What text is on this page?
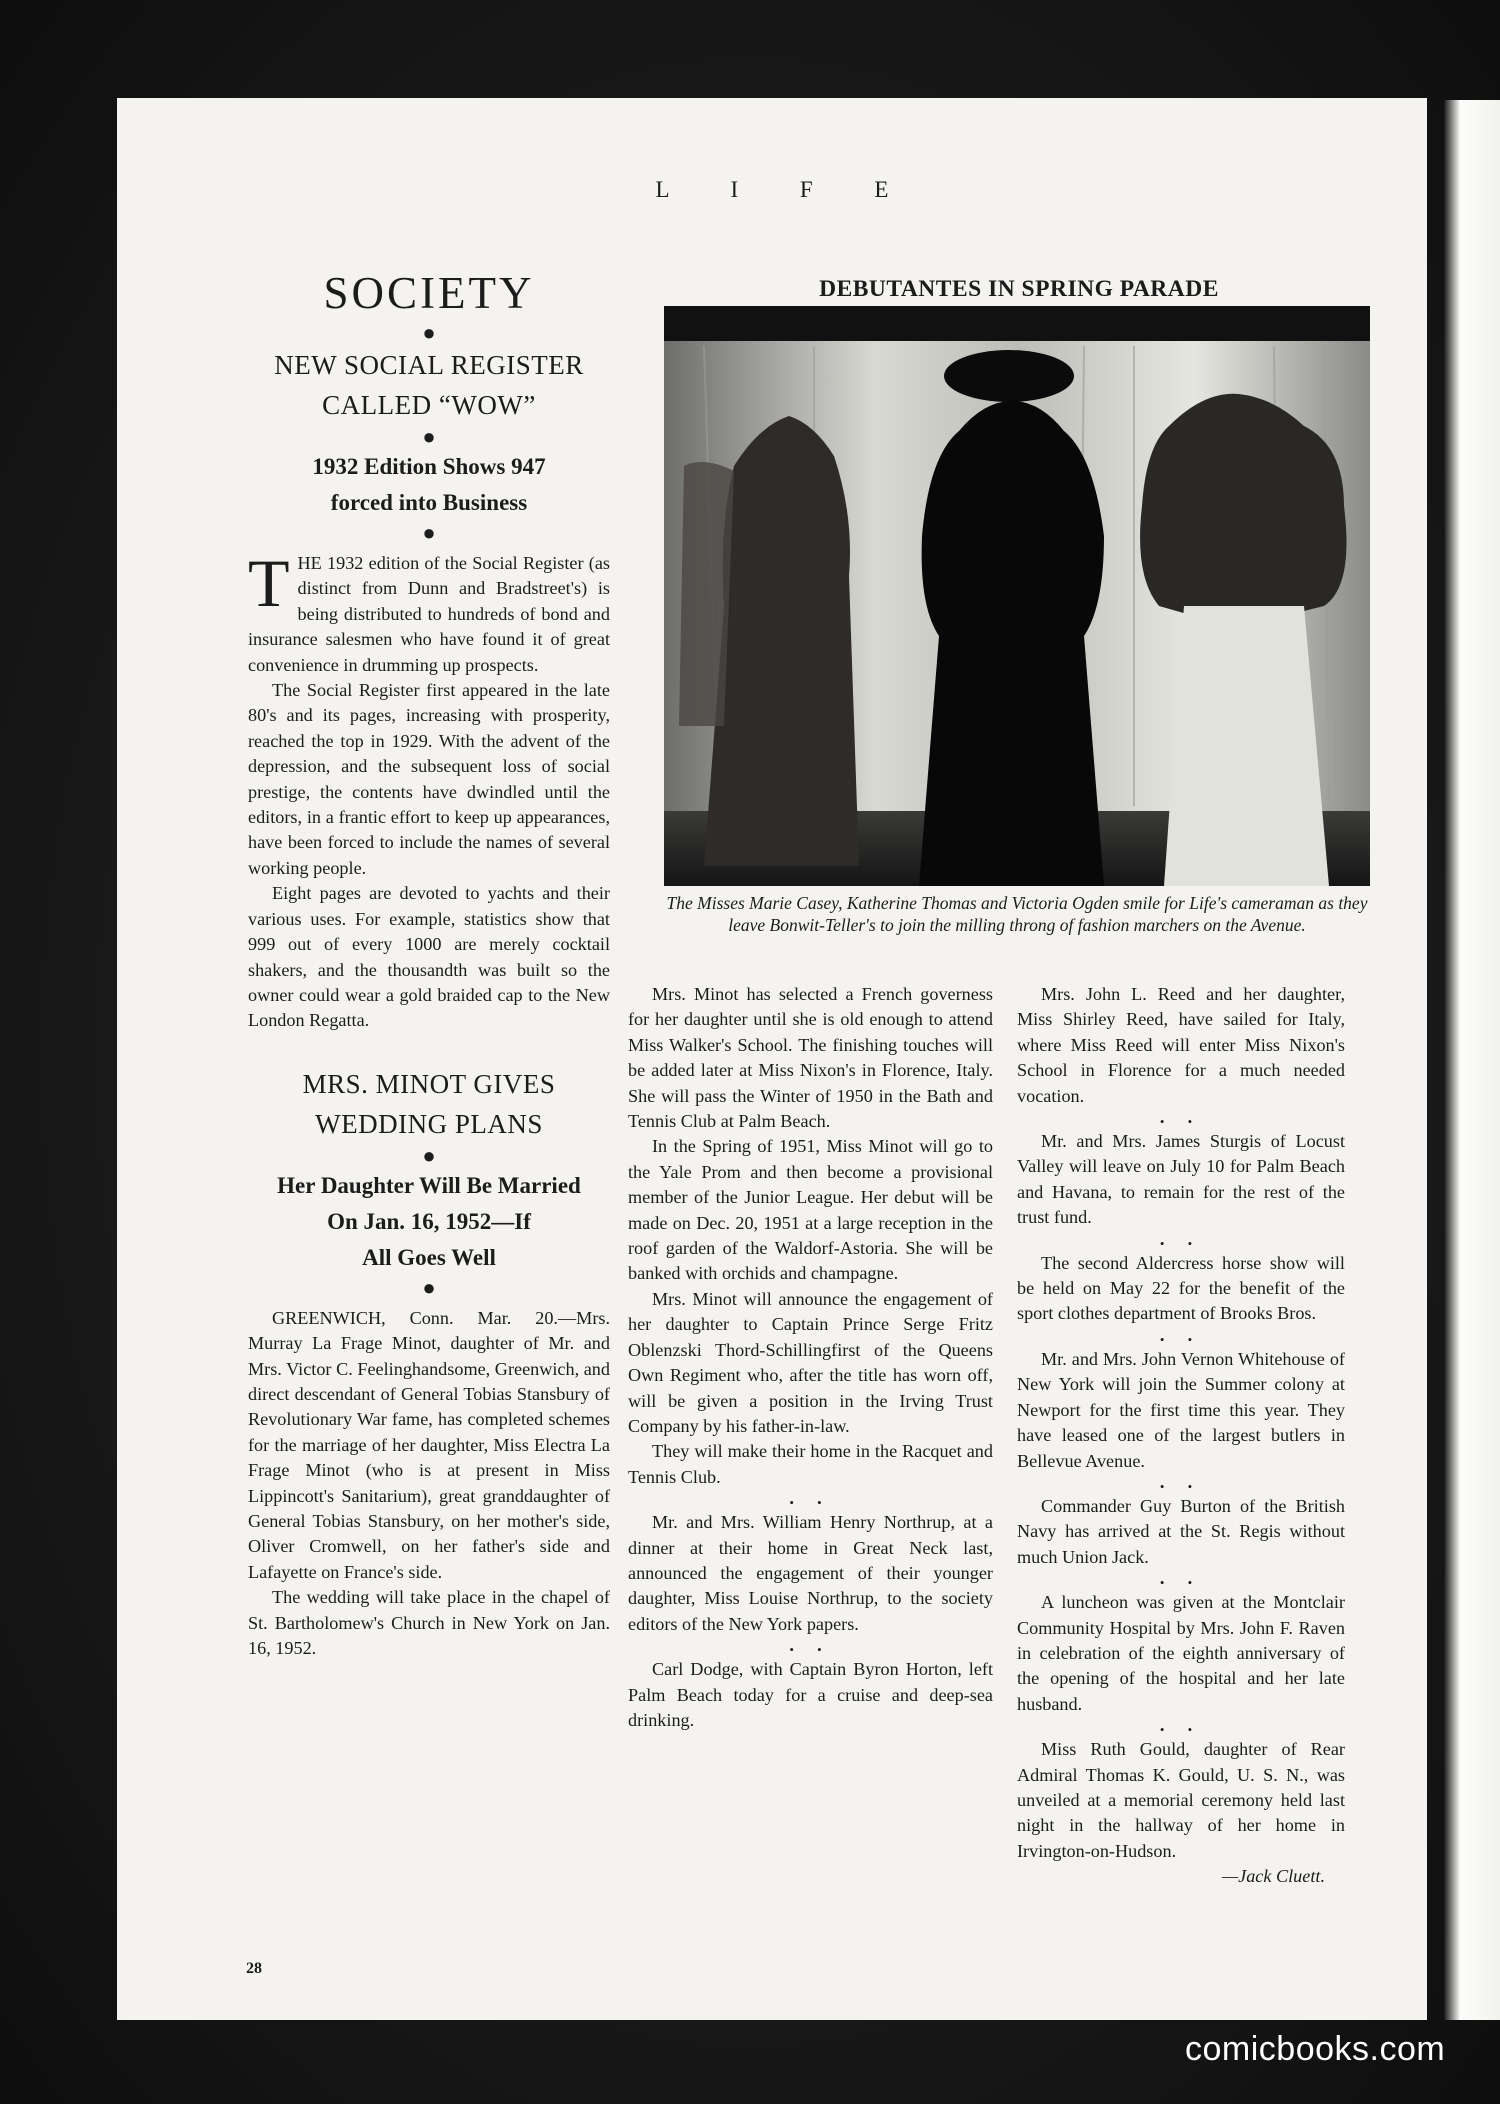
L I F E
SOCIETY
●
NEW SOCIAL REGISTER
CALLED “WOW”
●
1932 Edition Shows 947
forced into Business
●

THE 1932 edition of the Social Register (as distinct from Dunn and Bradstreet's) is being distributed to hundreds of bond and insurance salesmen who have found it of great convenience in drumming up prospects.

The Social Register first appeared in the late 80's and its pages, increasing with prosperity, reached the top in 1929. With the advent of the depression, and the subsequent loss of social prestige, the contents have dwindled until the editors, in a frantic effort to keep up appearances, have been forced to include the names of several working people.

Eight pages are devoted to yachts and their various uses. For example, statistics show that 999 out of every 1000 are merely cocktail shakers, and the thousandth was built so the owner could wear a gold braided cap to the New London Regatta.

MRS. MINOT GIVES
WEDDING PLANS
●
Her Daughter Will Be Married
On Jan. 16, 1952—If
All Goes Well
●

GREENWICH, Conn. Mar. 20.—Mrs. Murray La Frage Minot, daughter of Mr. and Mrs. Victor C. Feelinghandsome, Greenwich, and direct descendant of General Tobias Stansbury of Revolutionary War fame, has completed schemes for the marriage of her daughter, Miss Electra La Frage Minot (who is at present in Miss Lippincott's Sanitarium), great granddaughter of General Tobias Stansbury, on her mother's side, Oliver Cromwell, on her father's side and Lafayette on France's side.

The wedding will take place in the chapel of St. Bartholomew's Church in New York on Jan. 16, 1952.

DEBUTANTES IN SPRING PARADE
The Misses Marie Casey, Katherine Thomas and Victoria Ogden smile for Life's cameraman as they leave Bonwit-Teller's to join the milling throng of fashion marchers on the Avenue.

Mrs. Minot has selected a French governess for her daughter until she is old enough to attend Miss Walker's School. The finishing touches will be added later at Miss Nixon's in Florence, Italy. She will pass the Winter of 1950 in the Bath and Tennis Club at Palm Beach.

In the Spring of 1951, Miss Minot will go to the Yale Prom and then become a provisional member of the Junior League. Her debut will be made on Dec. 20, 1951 at a large reception in the roof garden of the Waldorf-Astoria. She will be banked with orchids and champagne.

Mrs. Minot will announce the engagement of her daughter to Captain Prince Serge Fritz Oblenzski Thord-Schillingfirst of the Queens Own Regiment who, after the title has worn off, will be given a position in the Irving Trust Company by his father-in-law.

They will make their home in the Racquet and Tennis Club.

• •

Mr. and Mrs. William Henry Northrup, at a dinner at their home in Great Neck last, announced the engagement of their younger daughter, Miss Louise Northrup, to the society editors of the New York papers.

• •

Carl Dodge, with Captain Byron Horton, left Palm Beach today for a cruise and deep-sea drinking.

Mrs. John L. Reed and her daughter, Miss Shirley Reed, have sailed for Italy, where Miss Reed will enter Miss Nixon's School in Florence for a much needed vocation.

• •

Mr. and Mrs. James Sturgis of Locust Valley will leave on July 10 for Palm Beach and Havana, to remain for the rest of the trust fund.

• •

The second Aldercress horse show will be held on May 22 for the benefit of the sport clothes department of Brooks Bros.

• •

Mr. and Mrs. John Vernon Whitehouse of New York will join the Summer colony at Newport for the first time this year. They have leased one of the largest butlers in Bellevue Avenue.

• •

Commander Guy Burton of the British Navy has arrived at the St. Regis without much Union Jack.

• •

A luncheon was given at the Montclair Community Hospital by Mrs. John F. Raven in celebration of the eighth anniversary of the opening of the hospital and her late husband.

• •

Miss Ruth Gould, daughter of Rear Admiral Thomas K. Gould, U. S. N., was unveiled at a memorial ceremony held last night in the hallway of her home in Irvington-on-Hudson.

—Jack Cluett.

28
comicbooks.com
